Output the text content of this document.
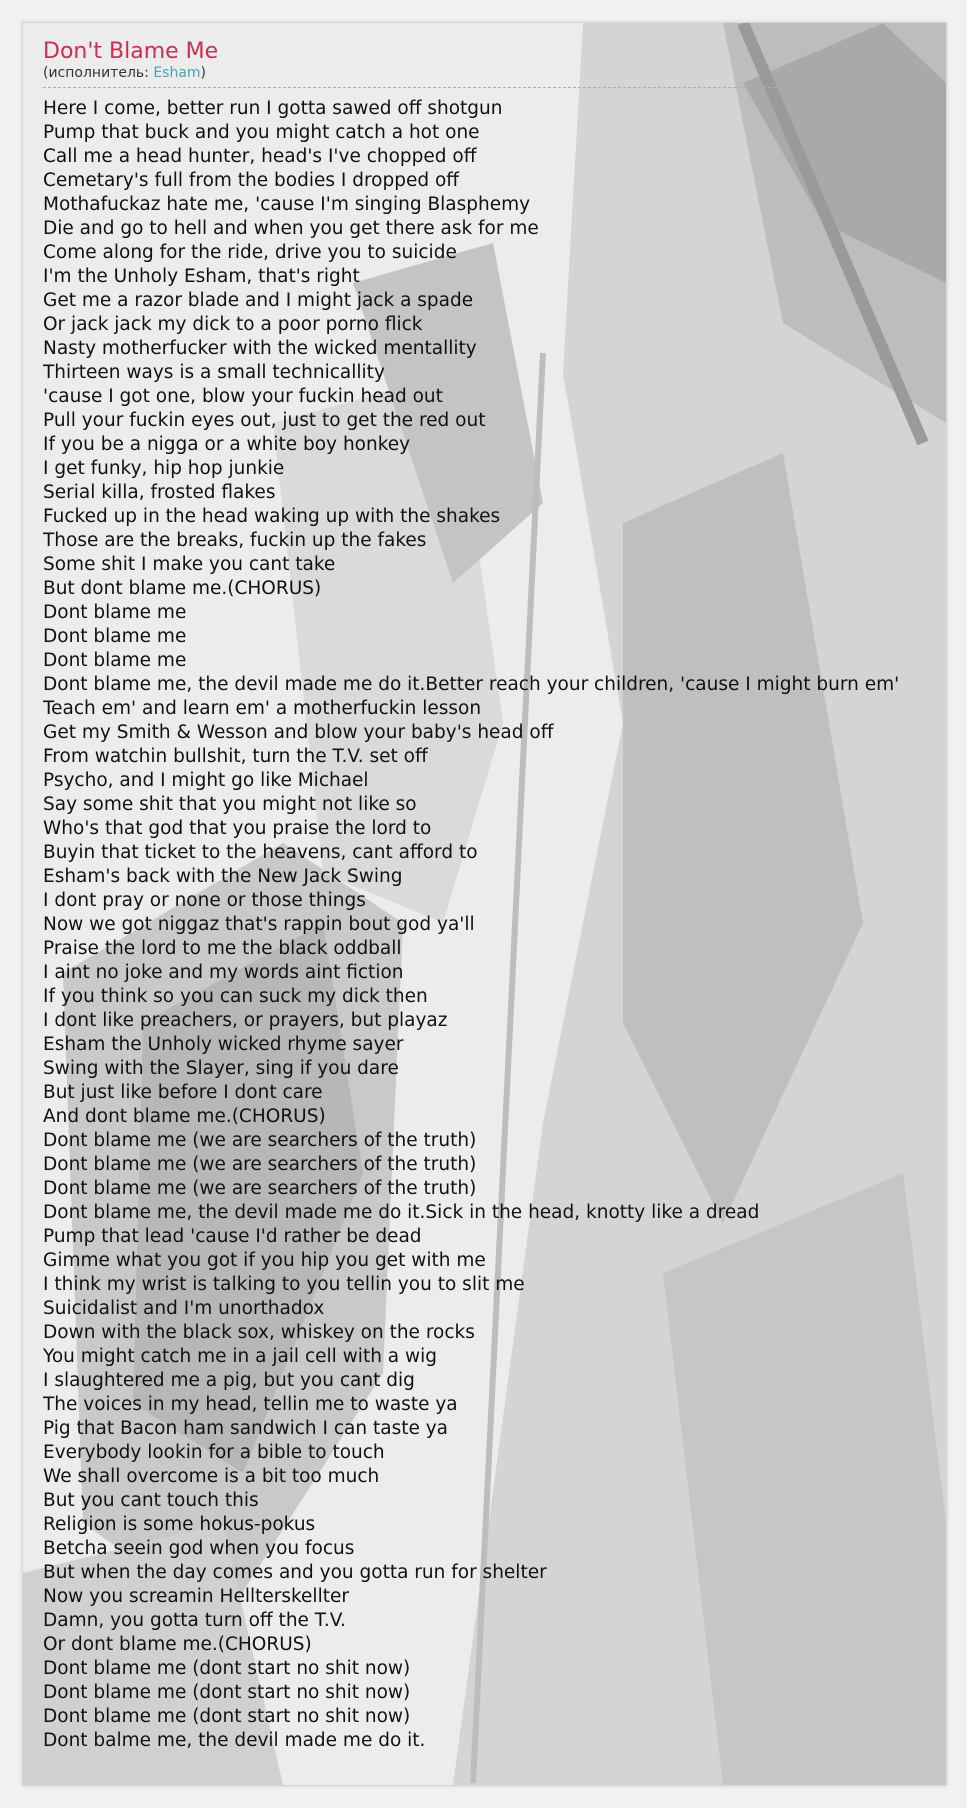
Don't Blame Me
(исполнитель: Esham)
Here I come, better run I gotta sawed off shotgun
Pump that buck and you might catch a hot one
Call me a head hunter, head's I've chopped off
Cemetary's full from the bodies I dropped off
Mothafuckaz hate me, 'cause I'm singing Blasphemy
Die and go to hell and when you get there ask for me
Come along for the ride, drive you to suicide
I'm the Unholy Esham, that's right
Get me a razor blade and I might jack a spade
Or jack jack my dick to a poor porno flick
Nasty motherfucker with the wicked mentallity
Thirteen ways is a small technicallity
'cause I got one, blow your fuckin head out
Pull your fuckin eyes out, just to get the red out
If you be a nigga or a white boy honkey
I get funky, hip hop junkie
Serial killa, frosted flakes
Fucked up in the head waking up with the shakes
Those are the breaks, fuckin up the fakes
Some shit I make you cant take
But dont blame me.(CHORUS)
Dont blame me
Dont blame me
Dont blame me
Dont blame me, the devil made me do it.Better reach your children, 'cause I might burn em'
Teach em' and learn em' a motherfuckin lesson
Get my Smith & Wesson and blow your baby's head off
From watchin bullshit, turn the T.V. set off
Psycho, and I might go like Michael
Say some shit that you might not like so
Who's that god that you praise the lord to
Buyin that ticket to the heavens, cant afford to
Esham's back with the New Jack Swing
I dont pray or none or those things
Now we got niggaz that's rappin bout god ya'll
Praise the lord to me the black oddball
I aint no joke and my words aint fiction
If you think so you can suck my dick then
I dont like preachers, or prayers, but playaz
Esham the Unholy wicked rhyme sayer
Swing with the Slayer, sing if you dare
But just like before I dont care
And dont blame me.(CHORUS)
Dont blame me (we are searchers of the truth)
Dont blame me (we are searchers of the truth)
Dont blame me (we are searchers of the truth)
Dont blame me, the devil made me do it.Sick in the head, knotty like a dread
Pump that lead 'cause I'd rather be dead
Gimme what you got if you hip you get with me
I think my wrist is talking to you tellin you to slit me
Suicidalist and I'm unorthadox
Down with the black sox, whiskey on the rocks
You might catch me in a jail cell with a wig
I slaughtered me a pig, but you cant dig
The voices in my head, tellin me to waste ya
Pig that Bacon ham sandwich I can taste ya
Everybody lookin for a bible to touch
We shall overcome is a bit too much
But you cant touch this
Religion is some hokus-pokus
Betcha seein god when you focus
But when the day comes and you gotta run for shelter
Now you screamin Hellterskellter
Damn, you gotta turn off the T.V.
Or dont blame me.(CHORUS)
Dont blame me (dont start no shit now)
Dont blame me (dont start no shit now)
Dont blame me (dont start no shit now)
Dont balme me, the devil made me do it.
